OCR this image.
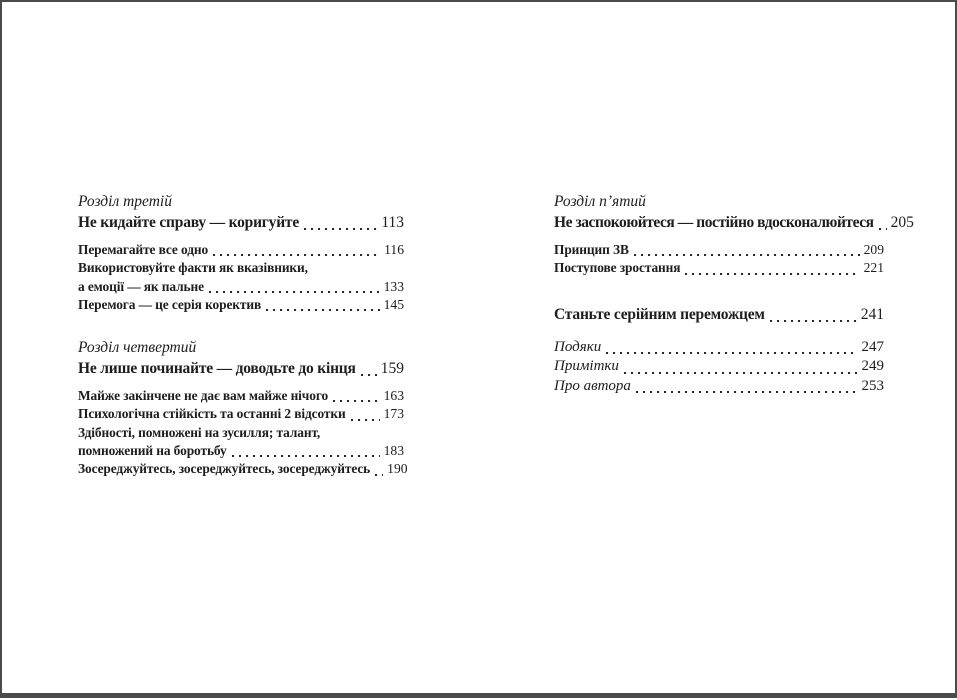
Розділ третій
Не кидайте справу — коригуйте	113
Перемагайте все одно	116
Використовуйте факти як вказівники,
а емоції — як пальне	133
Перемога — це серія коректив	145
Розділ четвертий
Не лише починайте — доводьте до кінця 159
Майже закінчене не дає вам майже нічого	163
Психологічна стійкість та останні 2 відсотки	173
Здібності, помножені на зусилля; талант,
помножений на боротьбу	183
Зосереджуйтесь, зосереджуйтесь, зосереджуйтесь 190
Розділ п’ятий
Не заспокоюйтеся — постійно вдосконалюйтеся 205
Принцип ЗВ	209
Поступове зростання	221
Станьте серійним переможцем	241
Подяки	247
Примітки	249
Про автора	253
